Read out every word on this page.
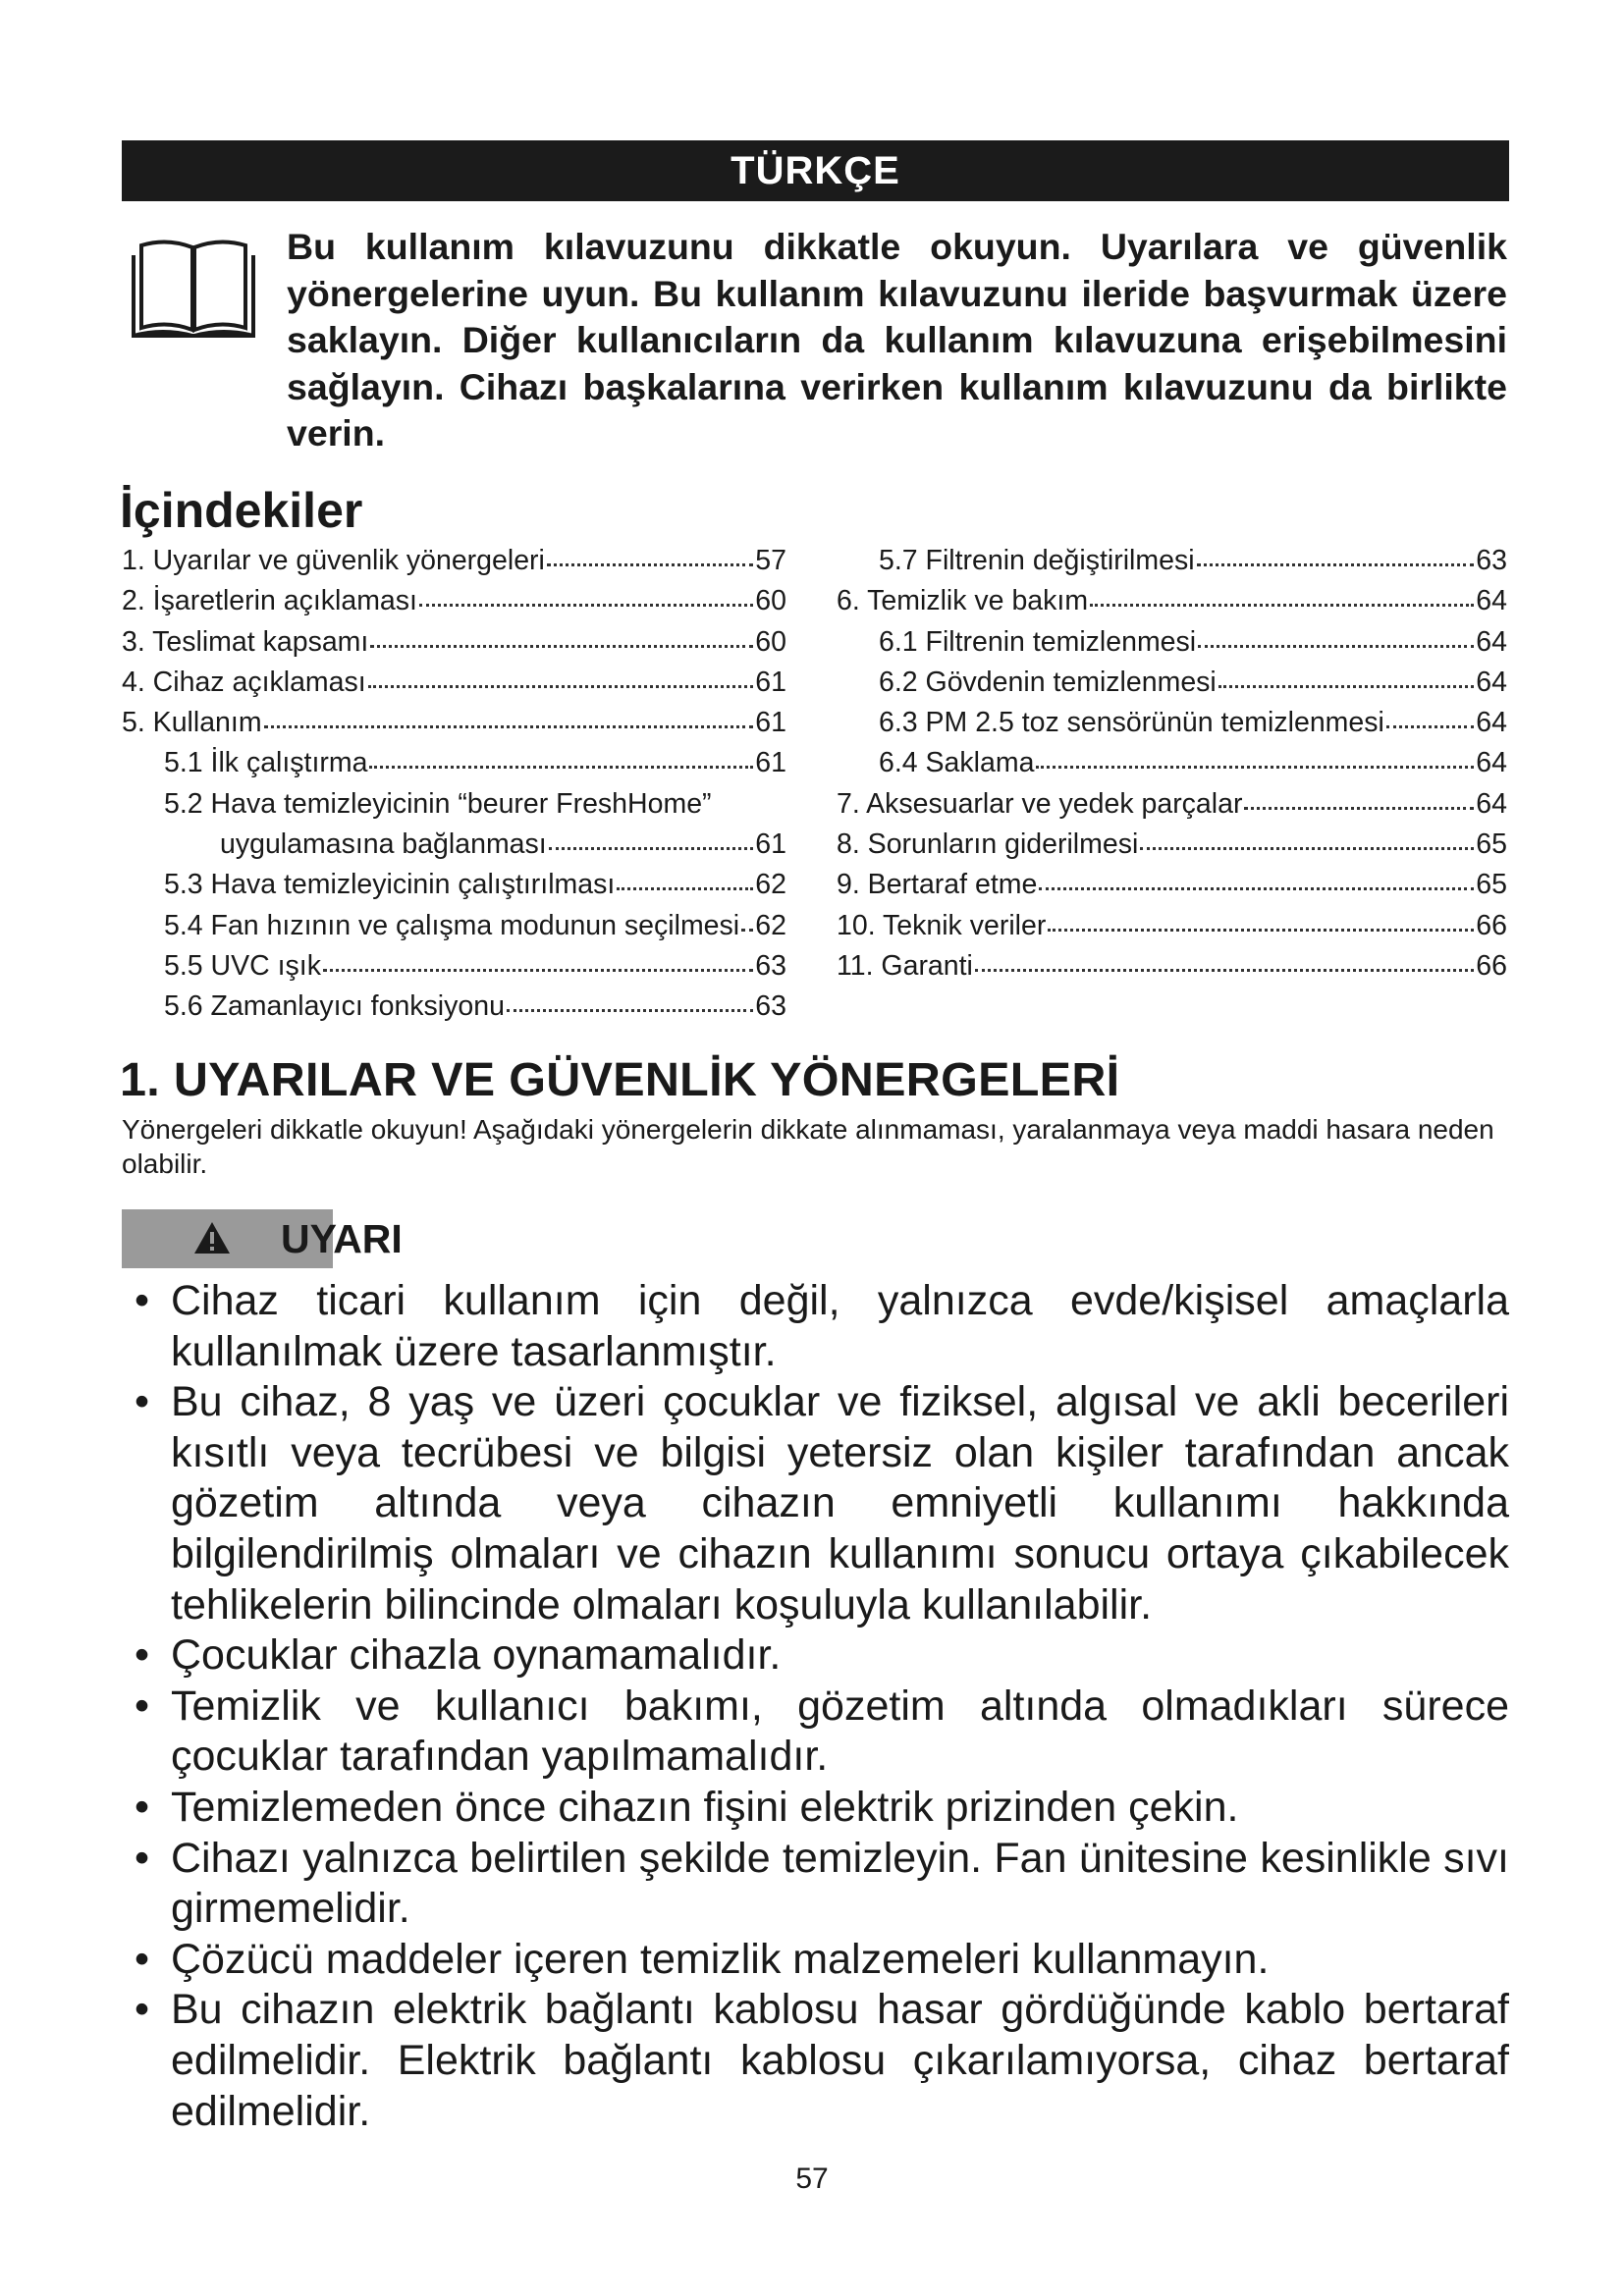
TÜRKÇE
Bu kullanım kılavuzunu dikkatle okuyun. Uyarılara ve güvenlik yönergelerine uyun. Bu kullanım kılavuzunu ileride başvurmak üzere saklayın. Diğer kullanıcıların da kullanım kılavuzuna erişebilmesini sağlayın. Cihazı başkalarına verirken kullanım kılavuzunu da birlikte verin.
İçindekiler
1. Uyarılar ve güvenlik yönergeleri	57
2. İşaretlerin açıklaması	60
3. Teslimat kapsamı	60
4. Cihaz açıklaması	61
5. Kullanım	61
5.1 İlk çalıştırma	61
5.2 Hava temizleyicinin “beurer FreshHome”
uygulamasına bağlanması	61
5.3 Hava temizleyicinin çalıştırılması	62
5.4 Fan hızının ve çalışma modunun seçilmesi 62
5.5 UVC ışık	63
5.6 Zamanlayıcı fonksiyonu	63
5.7 Filtrenin değiştirilmesi	63
6. Temizlik ve bakım	64
6.1 Filtrenin temizlenmesi	64
6.2 Gövdenin temizlenmesi	64
6.3 PM 2.5 toz sensörünün temizlenmesi	64
6.4 Saklama	64
7. Aksesuarlar ve yedek parçalar	64
8. Sorunların giderilmesi	65
9. Bertaraf etme	65
10. Teknik veriler	66
11. Garanti	66
1. UYARILAR VE GÜVENLİK YÖNERGELERİ
Yönergeleri dikkatle okuyun! Aşağıdaki yönergelerin dikkate alınmaması, yaralanmaya veya maddi hasara neden olabilir.
UYARI
• Cihaz ticari kullanım için değil, yalnızca evde/kişisel amaçlarla kullanılmak üzere tasarlanmıştır.
• Bu cihaz, 8 yaş ve üzeri çocuklar ve fiziksel, algısal ve akli becerileri kısıtlı veya tecrübesi ve bilgisi yetersiz olan kişiler tarafından ancak gözetim altında veya cihazın emniyetli kullanımı hakkında bilgilendirilmiş olmaları ve cihazın kullanımı sonucu ortaya çıkabilecek tehlikelerin bilincinde olmaları koşuluyla kullanılabilir.
• Çocuklar cihazla oynamamalıdır.
• Temizlik ve kullanıcı bakımı, gözetim altında olmadıkları sürece çocuklar tarafından yapılmamalıdır.
• Temizlemeden önce cihazın fişini elektrik prizinden çekin.
• Cihazı yalnızca belirtilen şekilde temizleyin. Fan ünitesine kesinlikle sıvı girmemelidir.
• Çözücü maddeler içeren temizlik malzemeleri kullanmayın.
• Bu cihazın elektrik bağlantı kablosu hasar gördüğünde kablo bertaraf edilmelidir. Elektrik bağlantı kablosu çıkarılamıyorsa, cihaz bertaraf edilmelidir.
57
